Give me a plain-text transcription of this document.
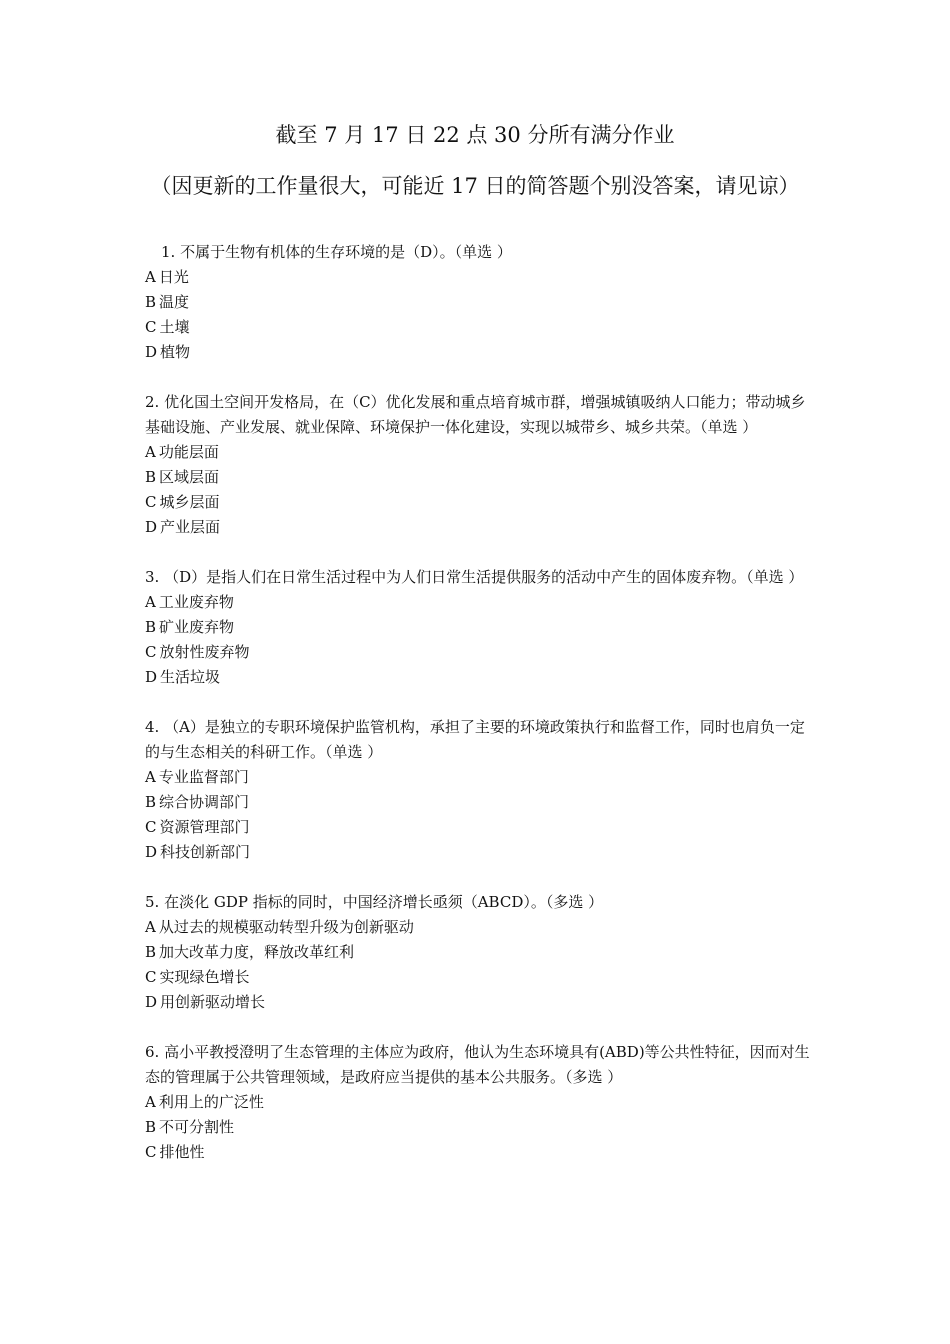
截至 7 月 17 日 22 点 30 分所有满分作业
（因更新的工作量很大，可能近 17 日的简答题个别没答案，请见谅）

1. 不属于生物有机体的生存环境的是（D）。（单选 ）

A 日光
B 温度
C 土壤
D 植物

2. 优化国土空间开发格局，在（C）优化发展和重点培育城市群，增强城镇吸纳人口能力；带动城乡基础设施、产业发展、就业保障、环境保护一体化建设，实现以城带乡、城乡共荣。（单选 ）

A 功能层面
B 区域层面
C 城乡层面
D 产业层面

3. （D）是指人们在日常生活过程中为人们日常生活提供服务的活动中产生的固体废弃物。（单选 ）

A 工业废弃物
B 矿业废弃物
C 放射性废弃物
D 生活垃圾

4. （A）是独立的专职环境保护监管机构，承担了主要的环境政策执行和监督工作，同时也肩负一定的与生态相关的科研工作。（单选 ）

A 专业监督部门
B 综合协调部门
C 资源管理部门
D 科技创新部门

5. 在淡化 GDP 指标的同时，中国经济增长亟须（ABCD）。（多选 ）

A 从过去的规模驱动转型升级为创新驱动
B 加大改革力度，释放改革红利
C 实现绿色增长
D 用创新驱动增长

6. 高小平教授澄明了生态管理的主体应为政府，他认为生态环境具有(ABD)等公共性特征，因而对生态的管理属于公共管理领域，是政府应当提供的基本公共服务。（多选 ）

A 利用上的广泛性
B 不可分割性
C 排他性
